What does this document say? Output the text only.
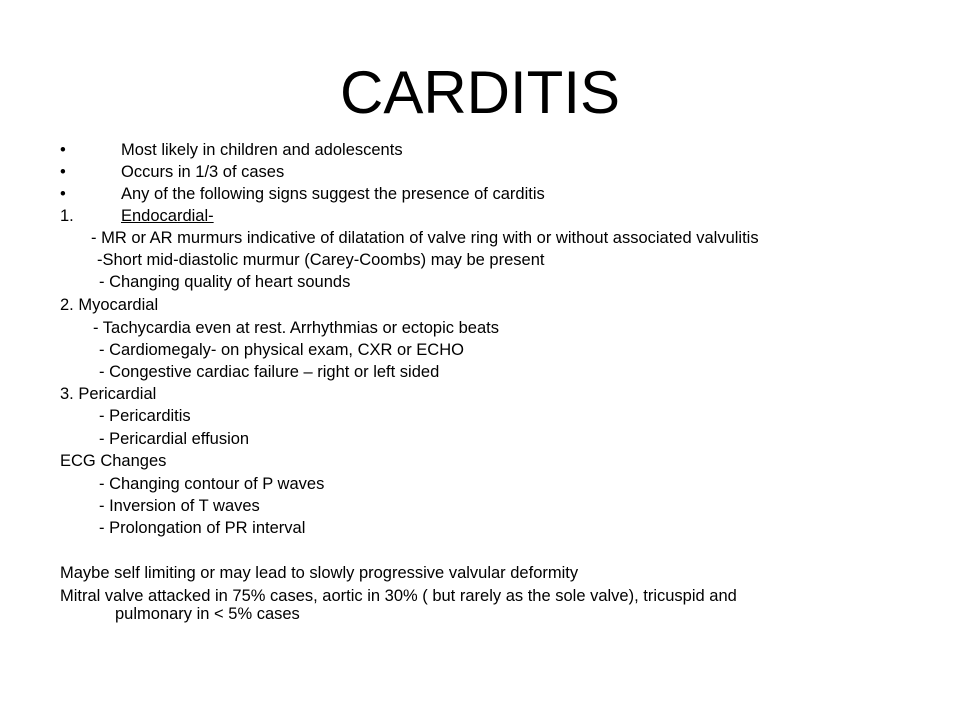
CARDITIS
•	Most likely in children and adolescents
•	Occurs in 1/3 of cases
•	Any of the following signs suggest the presence of carditis
1.	Endocardial-
- MR or AR murmurs indicative of dilatation of valve ring with or without associated valvulitis
-Short mid-diastolic murmur (Carey-Coombs) may be present
- Changing quality of heart sounds
2. Myocardial
- Tachycardia even at rest. Arrhythmias or ectopic beats
- Cardiomegaly- on physical exam, CXR or ECHO
- Congestive cardiac failure – right or left sided
3. Pericardial
- Pericarditis
- Pericardial effusion
ECG Changes
- Changing contour of P waves
- Inversion of T waves
- Prolongation of PR interval
Maybe self limiting or may lead to slowly progressive valvular deformity
Mitral valve attacked in 75% cases, aortic in 30% ( but rarely as the sole valve), tricuspid and
pulmonary in < 5% cases
